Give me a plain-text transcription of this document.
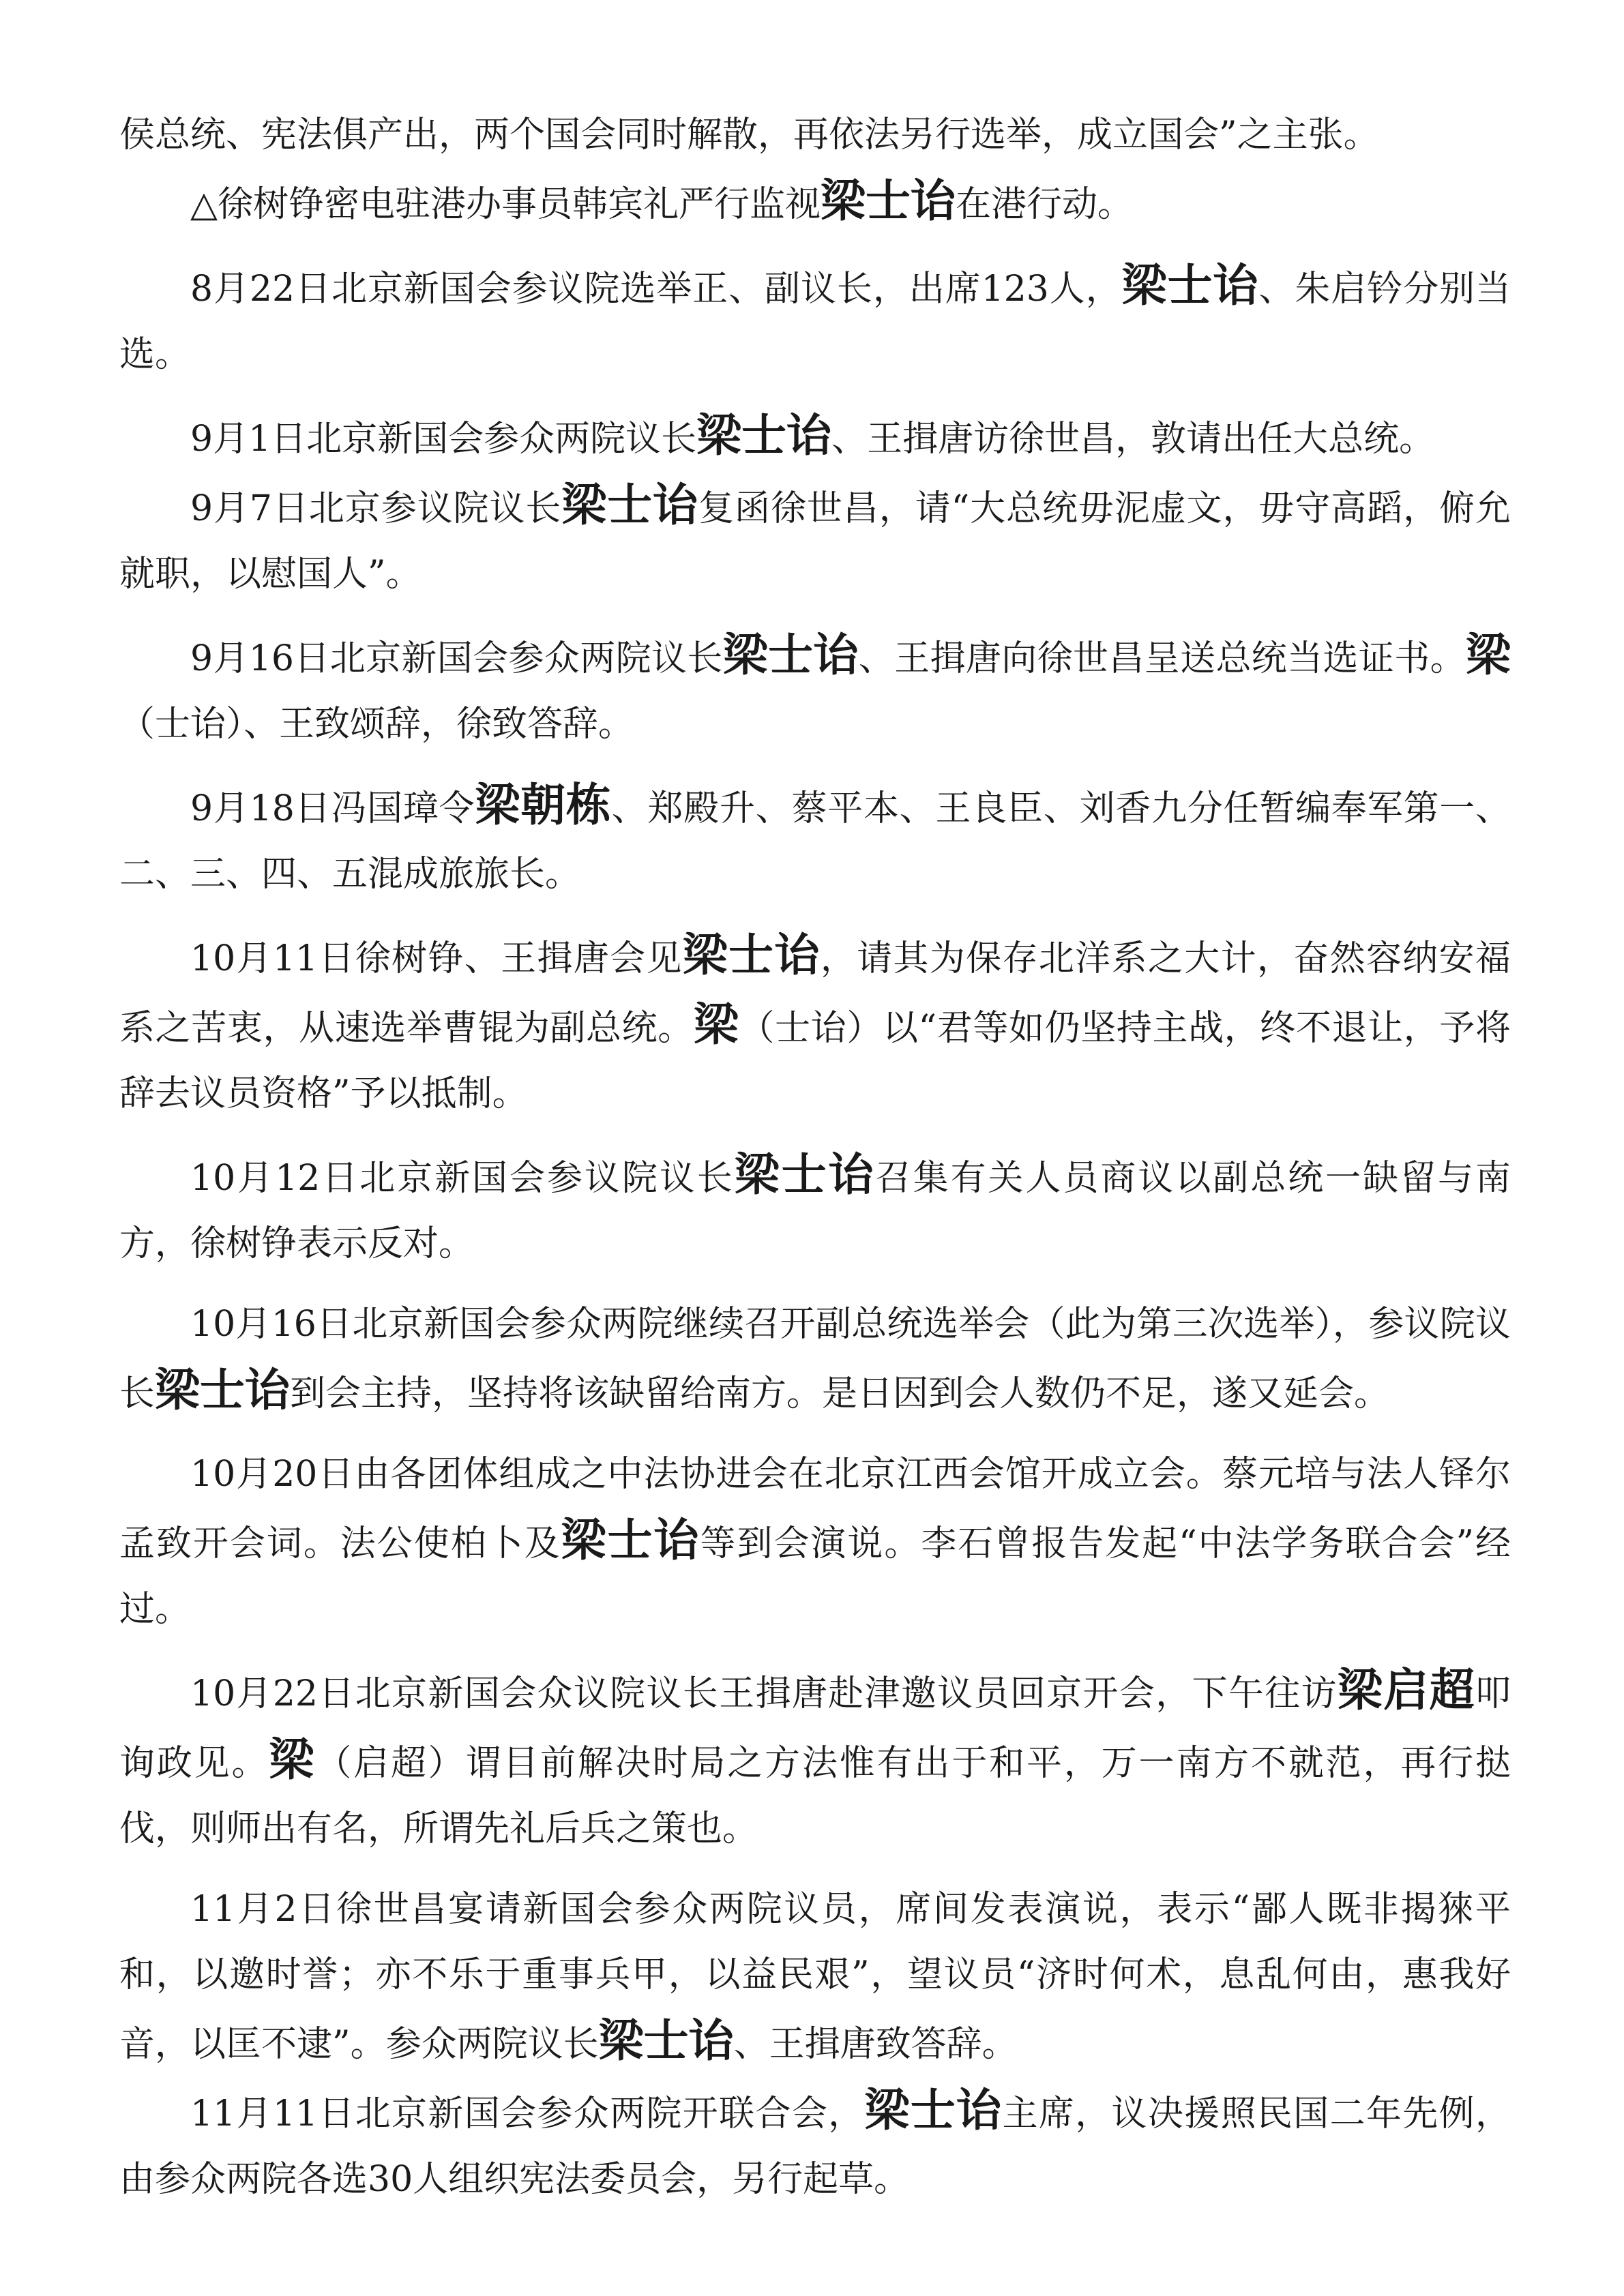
侯总统、宪法俱产出，两个国会同时解散，再依法另行选举，成立国会”之主张。

△徐树铮密电驻港办事员韩宾礼严行监视梁士诒在港行动。

8月22日北京新国会参议院选举正、副议长，出席123人，梁士诒、朱启钤分别当选。

9月1日北京新国会参众两院议长梁士诒、王揖唐访徐世昌，敦请出任大总统。

9月7日北京参议院议长梁士诒复函徐世昌，请“大总统毋泥虚文，毋守高蹈，俯允就职，以慰国人”。

9月16日北京新国会参众两院议长梁士诒、王揖唐向徐世昌呈送总统当选证书。梁（士诒）、王致颂辞，徐致答辞。

9月18日冯国璋令梁朝栋、郑殿升、蔡平本、王良臣、刘香九分任暂编奉军第一、二、三、四、五混成旅旅长。

10月11日徐树铮、王揖唐会见梁士诒，请其为保存北洋系之大计，奋然容纳安福系之苦衷，从速选举曹锟为副总统。梁（士诒）以“君等如仍坚持主战，终不退让，予将辞去议员资格”予以抵制。

10月12日北京新国会参议院议长梁士诒召集有关人员商议以副总统一缺留与南方，徐树铮表示反对。

10月16日北京新国会参众两院继续召开副总统选举会（此为第三次选举），参议院议长梁士诒到会主持，坚持将该缺留给南方。是日因到会人数仍不足，遂又延会。

10月20日由各团体组成之中法协进会在北京江西会馆开成立会。蔡元培与法人铎尔孟致开会词。法公使柏卜及梁士诒等到会演说。李石曾报告发起“中法学务联合会”经过。

10月22日北京新国会众议院议长王揖唐赴津邀议员回京开会，下午往访梁启超叩询政见。梁（启超）谓目前解决时局之方法惟有出于和平，万一南方不就范，再行挞伐，则师出有名，所谓先礼后兵之策也。

11月2日徐世昌宴请新国会参众两院议员，席间发表演说，表示“鄙人既非揭猍平和，以邀时誉；亦不乐于重事兵甲，以益民艰”，望议员“济时何术，息乱何由，惠我好音，以匡不逮”。参众两院议长梁士诒、王揖唐致答辞。

11月11日北京新国会参众两院开联合会，梁士诒主席，议决援照民国二年先例，由参众两院各选30人组织宪法委员会，另行起草。
